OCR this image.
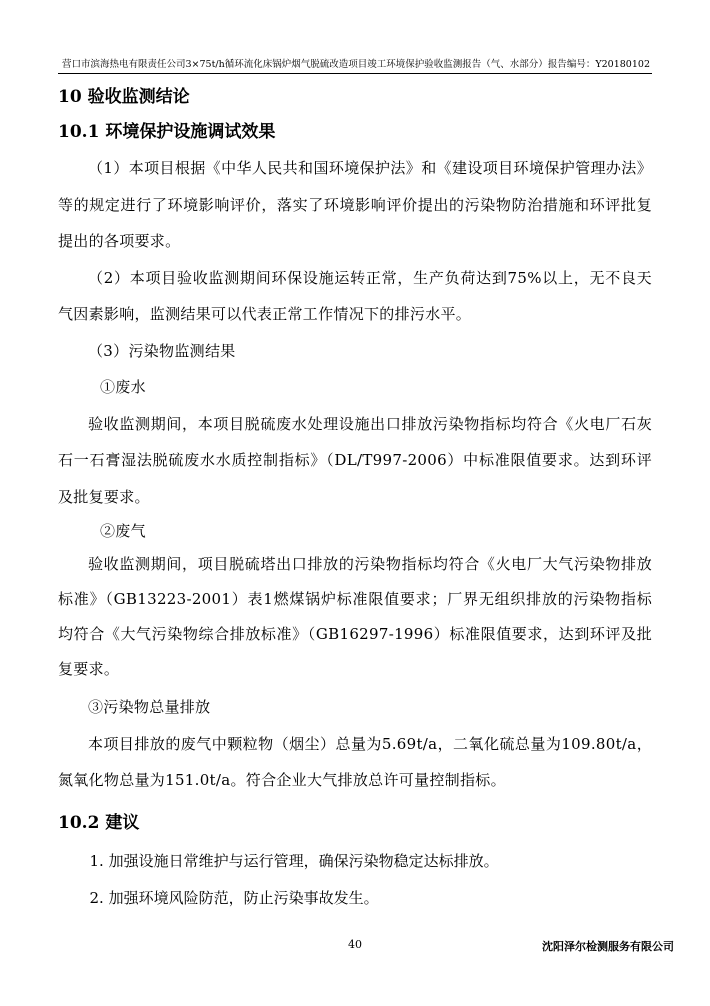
营口市滨海热电有限责任公司3×75t/h循环流化床锅炉烟气脱硫改造项目竣工环境保护验收监测报告（气、水部分） 报告编号：Y20180102
10 验收监测结论
10.1 环境保护设施调试效果

（1）本项目根据《中华人民共和国环境保护法》和《建设项目环境保护管理办法》等的规定进行了环境影响评价，落实了环境影响评价提出的污染物防治措施和环评批复提出的各项要求。

（2）本项目验收监测期间环保设施运转正常，生产负荷达到75%以上，无不良天气因素影响，监测结果可以代表正常工作情况下的排污水平。

（3）污染物监测结果

①废水

验收监测期间，本项目脱硫废水处理设施出口排放污染物指标均符合《火电厂石灰石一石膏湿法脱硫废水水质控制指标》（DL/T997-2006）中标准限值要求。达到环评及批复要求。

②废气

验收监测期间，项目脱硫塔出口排放的污染物指标均符合《火电厂大气污染物排放标准》（GB13223-2001）表1燃煤锅炉标准限值要求；厂界无组织排放的污染物指标均符合《大气污染物综合排放标准》（GB16297-1996）标准限值要求，达到环评及批复要求。

③污染物总量排放

本项目排放的废气中颗粒物（烟尘）总量为5.69t/a，二氧化硫总量为109.80t/a，氮氧化物总量为151.0t/a。符合企业大气排放总许可量控制指标。

10.2 建议

1. 加强设施日常维护与运行管理，确保污染物稳定达标排放。

2. 加强环境风险防范，防止污染事故发生。

40	沈阳泽尔检测服务有限公司
